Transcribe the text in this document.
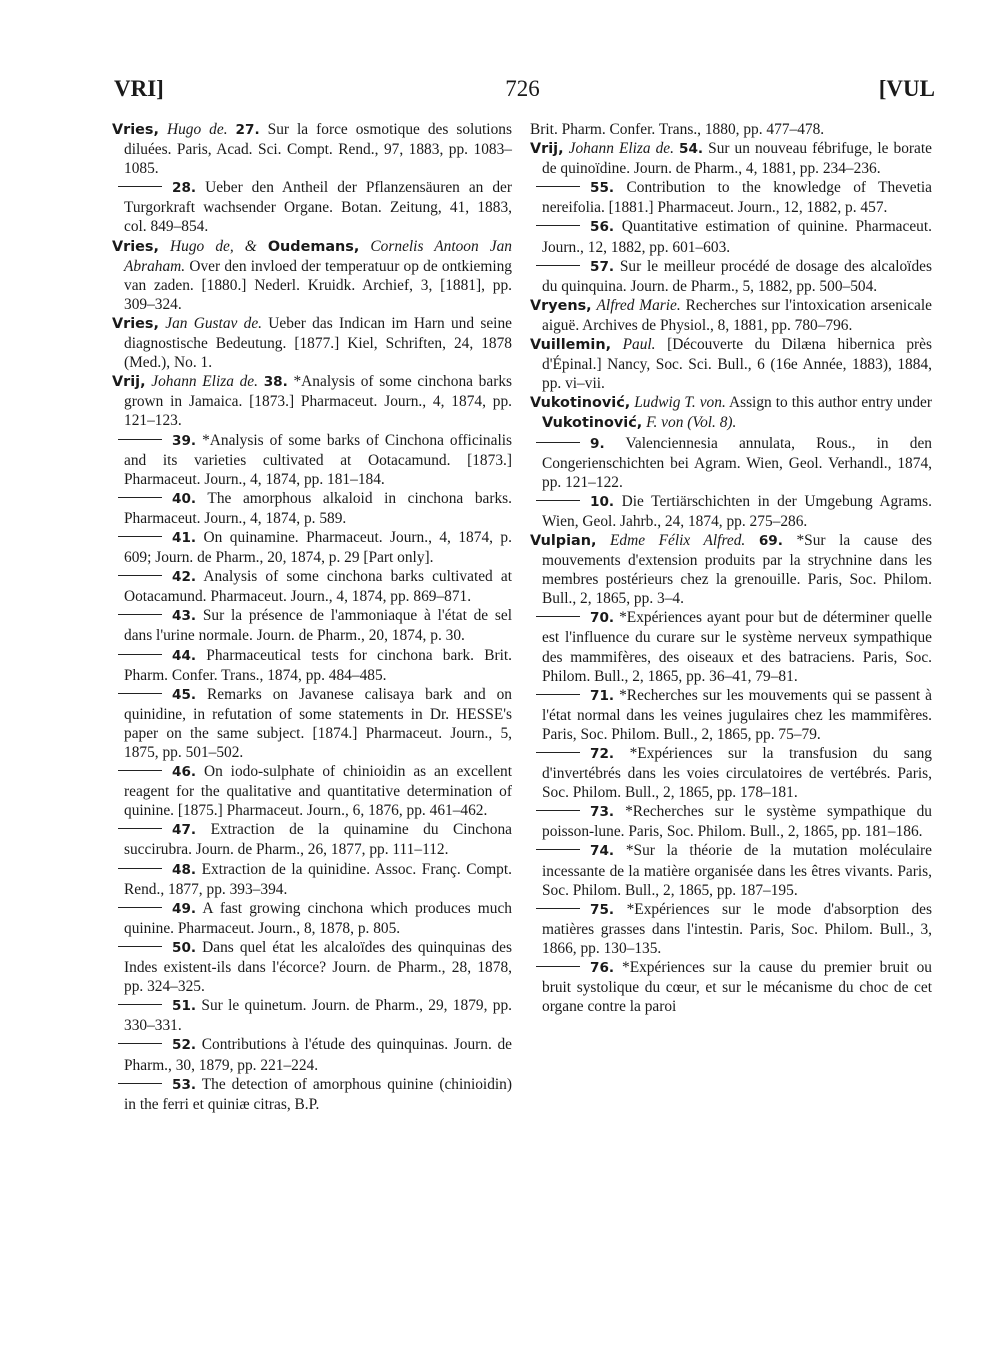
VRI]	726	[VUL

Vries, Hugo de. 27. Sur la force osmotique des solutions diluées. Paris, Acad. Sci. Compt. Rend., 97, 1883, pp. 1083–1085.

28. Ueber den Antheil der Pflanzensäuren an der Turgorkraft wachsender Organe. Botan. Zeitung, 41, 1883, col. 849–854.

Vries, Hugo de, & Oudemans, Cornelis Antoon Jan Abraham. Over den invloed der temperatuur op de ontkieming van zaden. [1880.] Nederl. Kruidk. Archief, 3, [1881], pp. 309–324.

Vries, Jan Gustav de. Ueber das Indican im Harn und seine diagnostische Bedeutung. [1877.] Kiel, Schriften, 24, 1878 (Med.), No. 1.

Vrij, Johann Eliza de. 38. *Analysis of some cinchona barks grown in Jamaica. [1873.] Pharmaceut. Journ., 4, 1874, pp. 121–123.

39. *Analysis of some barks of Cinchona officinalis and its varieties cultivated at Ootacamund. [1873.] Pharmaceut. Journ., 4, 1874, pp. 181–184.

40. The amorphous alkaloid in cinchona barks. Pharmaceut. Journ., 4, 1874, p. 589.

41. On quinamine. Pharmaceut. Journ., 4, 1874, p. 609; Journ. de Pharm., 20, 1874, p. 29 [Part only].

42. Analysis of some cinchona barks cultivated at Ootacamund. Pharmaceut. Journ., 4, 1874, pp. 869–871.

43. Sur la présence de l'ammoniaque à l'état de sel dans l'urine normale. Journ. de Pharm., 20, 1874, p. 30.

44. Pharmaceutical tests for cinchona bark. Brit. Pharm. Confer. Trans., 1874, pp. 484–485.

45. Remarks on Javanese calisaya bark and on quinidine, in refutation of some statements in Dr. HESSE's paper on the same subject. [1874.] Pharmaceut. Journ., 5, 1875, pp. 501–502.

46. On iodo-sulphate of chinioidin as an excellent reagent for the qualitative and quantitative determination of quinine. [1875.] Pharmaceut. Journ., 6, 1876, pp. 461–462.

47. Extraction de la quinamine du Cinchona succirubra. Journ. de Pharm., 26, 1877, pp. 111–112.

48. Extraction de la quinidine. Assoc. Franç. Compt. Rend., 1877, pp. 393–394.

49. A fast growing cinchona which produces much quinine. Pharmaceut. Journ., 8, 1878, p. 805.

50. Dans quel état les alcaloïdes des quinquinas des Indes existent-ils dans l'écorce? Journ. de Pharm., 28, 1878, pp. 324–325.

51. Sur le quinetum. Journ. de Pharm., 29, 1879, pp. 330–331.

52. Contributions à l'étude des quinquinas. Journ. de Pharm., 30, 1879, pp. 221–224.

53. The detection of amorphous quinine (chinioidin) in the ferri et quiniæ citras, B.P.

Brit. Pharm. Confer. Trans., 1880, pp. 477–478.

Vrij, Johann Eliza de. 54. Sur un nouveau fébrifuge, le borate de quinoïdine. Journ. de Pharm., 4, 1881, pp. 234–236.

55. Contribution to the knowledge of Thevetia nereifolia. [1881.] Pharmaceut. Journ., 12, 1882, p. 457.

56. Quantitative estimation of quinine. Pharmaceut. Journ., 12, 1882, pp. 601–603.

57. Sur le meilleur procédé de dosage des alcaloïdes du quinquina. Journ. de Pharm., 5, 1882, pp. 500–504.

Vryens, Alfred Marie. Recherches sur l'intoxication arsenicale aiguë. Archives de Physiol., 8, 1881, pp. 780–796.

Vuillemin, Paul. [Découverte du Dilæna hibernica près d'Épinal.] Nancy, Soc. Sci. Bull., 6 (16e Année, 1883), 1884, pp. vi–vii.

Vukotinović, Ludwig T. von. Assign to this author entry under Vukotinović, F. von (Vol. 8).

9. Valenciennesia annulata, Rous., in den Congerienschichten bei Agram. Wien, Geol. Verhandl., 1874, pp. 121–122.

10. Die Tertiärschichten in der Umgebung Agrams. Wien, Geol. Jahrb., 24, 1874, pp. 275–286.

Vulpian, Edme Félix Alfred. 69. *Sur la cause des mouvements d'extension produits par la strychnine dans les membres postérieurs chez la grenouille. Paris, Soc. Philom. Bull., 2, 1865, pp. 3–4.

70. *Expériences ayant pour but de déterminer quelle est l'influence du curare sur le système nerveux sympathique des mammifères, des oiseaux et des batraciens. Paris, Soc. Philom. Bull., 2, 1865, pp. 36–41, 79–81.

71. *Recherches sur les mouvements qui se passent à l'état normal dans les veines jugulaires chez les mammifères. Paris, Soc. Philom. Bull., 2, 1865, pp. 75–79.

72. *Expériences sur la transfusion du sang d'invertébrés dans les voies circulatoires de vertébrés. Paris, Soc. Philom. Bull., 2, 1865, pp. 178–181.

73. *Recherches sur le système sympathique du poisson-lune. Paris, Soc. Philom. Bull., 2, 1865, pp. 181–186.

74. *Sur la théorie de la mutation moléculaire incessante de la matière organisée dans les êtres vivants. Paris, Soc. Philom. Bull., 2, 1865, pp. 187–195.

75. *Expériences sur le mode d'absorption des matières grasses dans l'intestin. Paris, Soc. Philom. Bull., 3, 1866, pp. 130–135.

76. *Expériences sur la cause du premier bruit ou bruit systolique du cœur, et sur le mécanisme du choc de cet organe contre la paroi
